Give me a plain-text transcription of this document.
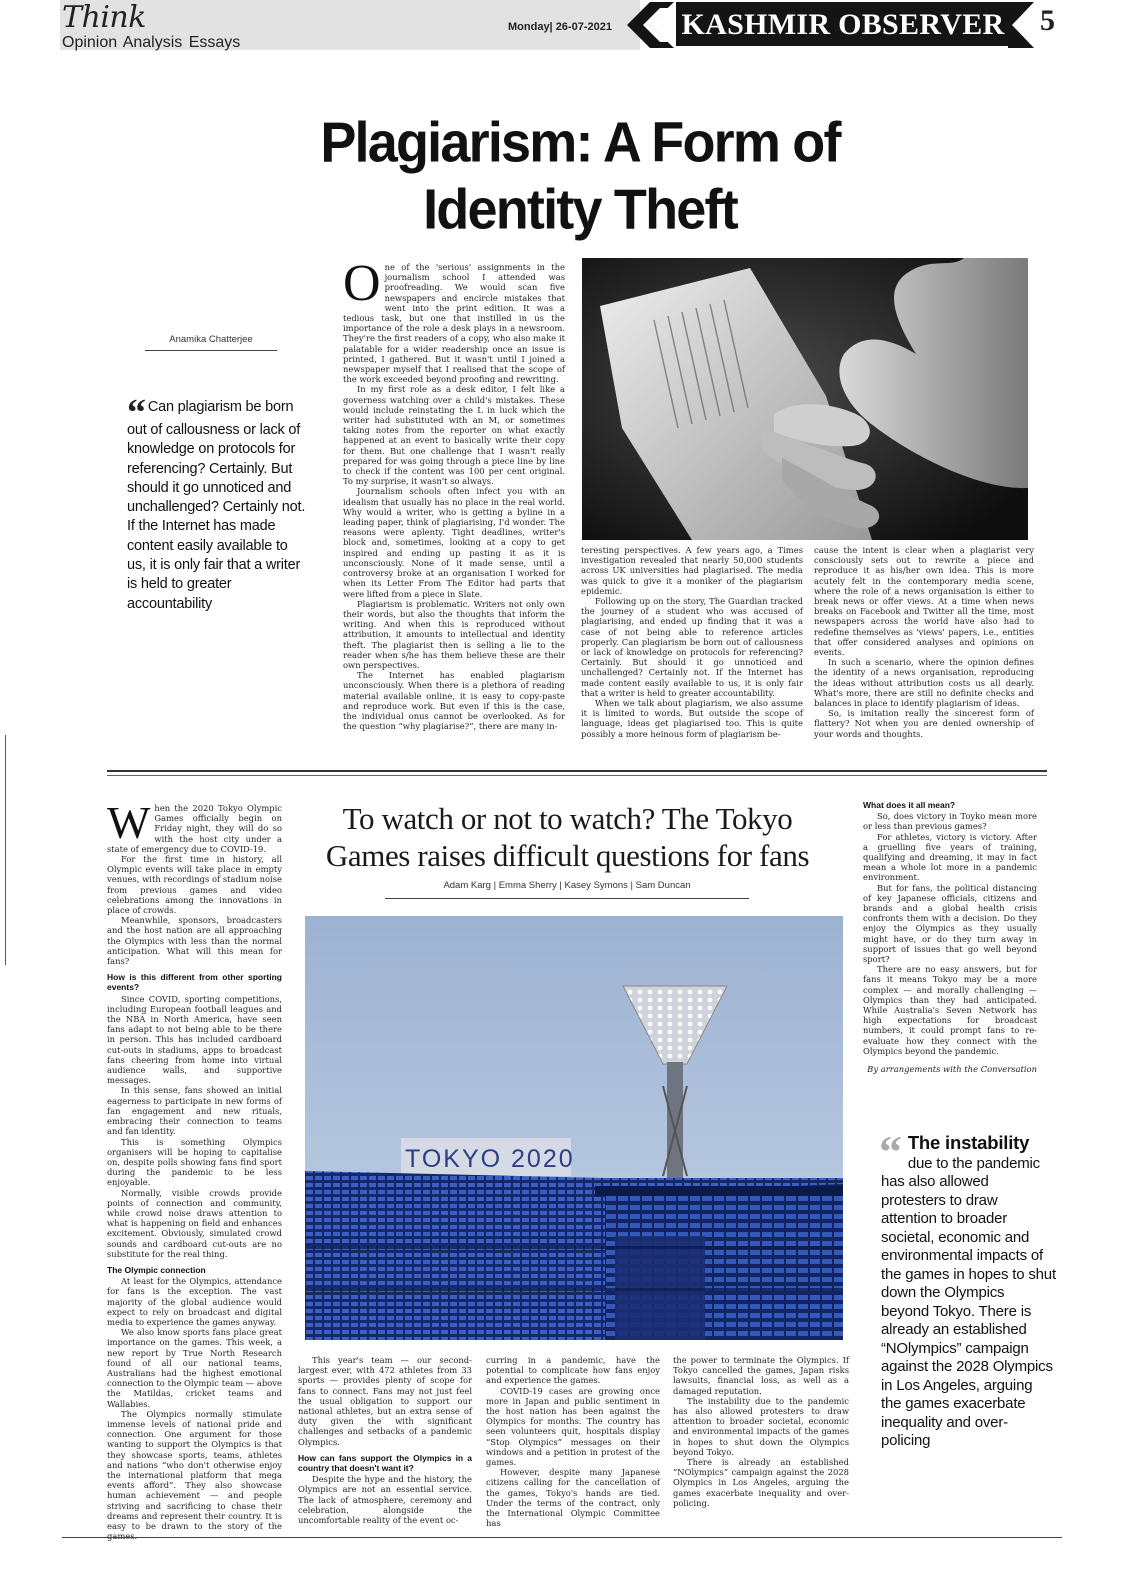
Think
Opinion Analysis Essays
Monday| 26-07-2021 KASHMIR OBSERVER 5
Plagiarism: A Form of Identity Theft
Anamika Chatterjee
“ Can plagiarism be born out of callousness or lack of knowledge on protocols for referencing? Certainly. But should it go unnoticed and unchallenged? Certainly not. If the Internet has made content easily available to us, it is only fair that a writer is held to greater accountability

One of the 'serious' assignments in the journalism school I attended was proofreading. We would scan five newspapers and encircle mistakes that went into the print edition. It was a tedious task, but one that instilled in us the importance of the role a desk plays in a newsroom. They're the first readers of a copy, who also make it palatable for a wider readership once an issue is printed, I gathered. But it wasn't until I joined a newspaper myself that I realised that the scope of the work exceeded beyond proofing and rewriting.

In my first role as a desk editor, I felt like a governess watching over a child's mistakes. These would include reinstating the L in luck which the writer had substituted with an M, or sometimes taking notes from the reporter on what exactly happened at an event to basically write their copy for them. But one challenge that I wasn't really prepared for was going through a piece line by line to check if the content was 100 per cent original. To my surprise, it wasn't so always.

Journalism schools often infect you with an idealism that usually has no place in the real world. Why would a writer, who is getting a byline in a leading paper, think of plagiarising, I'd wonder. The reasons were aplenty. Tight deadlines, writer's block and, sometimes, looking at a copy to get inspired and ending up pasting it as it is unconsciously. None of it made sense, until a controversy broke at an organisation I worked for when its Letter From The Editor had parts that were lifted from a piece in Slate.

Plagiarism is problematic. Writers not only own their words, but also the thoughts that inform the writing. And when this is reproduced without attribution, it amounts to intellectual and identity theft. The plagiarist then is selling a lie to the reader when s/he has them believe these are their own perspectives.

The Internet has enabled plagiarism unconsciously. When there is a plethora of reading material available online, it is easy to copy-paste and reproduce work. But even if this is the case, the individual onus cannot be overlooked. As for the question “why plagiarise?”, there are many in-

teresting perspectives. A few years ago, a Times investigation revealed that nearly 50,000 students across UK universities had plagiarised. The media was quick to give it a moniker of the plagiarism epidemic.

Following up on the story, The Guardian tracked the journey of a student who was accused of plagiarising, and ended up finding that it was a case of not being able to reference articles properly. Can plagiarism be born out of callousness or lack of knowledge on protocols for referencing? Certainly. But should it go unnoticed and unchallenged? Certainly not. If the Internet has made content easily available to us, it is only fair that a writer is held to greater accountability.

When we talk about plagiarism, we also assume it is limited to words. But outside the scope of language, ideas get plagiarised too. This is quite possibly a more heinous form of plagiarism be-

cause the intent is clear when a plagiarist very consciously sets out to rewrite a piece and reproduce it as his/her own idea. This is more acutely felt in the contemporary media scene, where the role of a news organisation is either to break news or offer views. At a time when news breaks on Facebook and Twitter all the time, most newspapers across the world have also had to redefine themselves as 'views' papers, i.e., entities that offer considered analyses and opinions on events.

In such a scenario, where the opinion defines the identity of a news organisation, reproducing the ideas without attribution costs us all dearly. What's more, there are still no definite checks and balances in place to identify plagiarism of ideas.

So, is imitation really the sincerest form of flattery? Not when you are denied ownership of your words and thoughts.

When the 2020 Tokyo Olympic Games officially begin on Friday night, they will do so with the host city under a state of emergency due to COVID-19.

For the first time in history, all Olympic events will take place in empty venues, with recordings of stadium noise from previous games and video celebrations among the innovations in place of crowds.

Meanwhile, sponsors, broadcasters and the host nation are all approaching the Olympics with less than the normal anticipation. What will this mean for fans?

How is this different from other sporting events?

Since COVID, sporting competitions, including European football leagues and the NBA in North America, have seen fans adapt to not being able to be there in person. This has included cardboard cut-outs in stadiums, apps to broadcast fans cheering from home into virtual audience walls, and supportive messages.

In this sense, fans showed an initial eagerness to participate in new forms of fan engagement and new rituals, embracing their connection to teams and fan identity.

This is something Olympics organisers will be hoping to capitalise on, despite polls showing fans find sport during the pandemic to be less enjoyable.

Normally, visible crowds provide points of connection and community, while crowd noise draws attention to what is happening on field and enhances excitement. Obviously, simulated crowd sounds and cardboard cut-outs are no substitute for the real thing.

The Olympic connection

At least for the Olympics, attendance for fans is the exception. The vast majority of the global audience would expect to rely on broadcast and digital media to experience the games anyway.

We also know sports fans place great importance on the games. This week, a new report by True North Research found of all our national teams, Australians had the highest emotional connection to the Olympic team — above the Matildas, cricket teams and Wallabies.

The Olympics normally stimulate immense levels of national pride and connection. One argument for those wanting to support the Olympics is that they showcase sports, teams, athletes and nations “who don't otherwise enjoy the international platform that mega events afford”. They also showcase human achievement — and people striving and sacrificing to chase their dreams and represent their country. It is easy to be drawn to the story of the games.

To watch or not to watch? The Tokyo Games raises difficult questions for fans
Adam Karg | Emma Sherry | Kasey Symons | Sam Duncan
TOKYO 2020

This year's team — our second-largest ever, with 472 athletes from 33 sports — provides plenty of scope for fans to connect. Fans may not just feel the usual obligation to support our national athletes, but an extra sense of duty given the with significant challenges and setbacks of a pandemic Olympics.

How can fans support the Olympics in a country that doesn't want it?

Despite the hype and the history, the Olympics are not an essential service. The lack of atmosphere, ceremony and celebration, alongside the uncomfortable reality of the event oc-

curring in a pandemic, have the potential to complicate how fans enjoy and experience the games.

COVID-19 cases are growing once more in Japan and public sentiment in the host nation has been against the Olympics for months. The country has seen volunteers quit, hospitals display “Stop Olympics” messages on their windows and a petition in protest of the games.

However, despite many Japanese citizens calling for the cancellation of the games, Tokyo's hands are tied. Under the terms of the contract, only the International Olympic Committee has

the power to terminate the Olympics. If Tokyo cancelled the games, Japan risks lawsuits, financial loss, as well as a damaged reputation.

The instability due to the pandemic has also allowed protesters to draw attention to broader societal, economic and environmental impacts of the games in hopes to shut down the Olympics beyond Tokyo.

There is already an established “NOlympics” campaign against the 2028 Olympics in Los Angeles, arguing the games exacerbate inequality and over-policing.

What does it all mean?

So, does victory in Toyko mean more or less than previous games?

For athletes, victory is victory. After a gruelling five years of training, qualifying and dreaming, it may in fact mean a whole lot more in a pandemic environment.

But for fans, the political distancing of key Japanese officials, citizens and brands and a global health crisis confronts them with a decision. Do they enjoy the Olympics as they usually might have, or do they turn away in support of issues that go well beyond sport?

There are no easy answers, but for fans it means Tokyo may be a more complex — and morally challenging — Olympics than they had anticipated. While Australia's Seven Network has high expectations for broadcast numbers, it could prompt fans to re-evaluate how they connect with the Olympics beyond the pandemic.

By arrangements with the Conversation

“ The instability due to the pandemic has also allowed protesters to draw attention to broader societal, economic and environmental impacts of the games in hopes to shut down the Olympics beyond Tokyo. There is already an established “NOlympics” campaign against the 2028 Olympics in Los Angeles, arguing the games exacerbate inequality and over-policing
